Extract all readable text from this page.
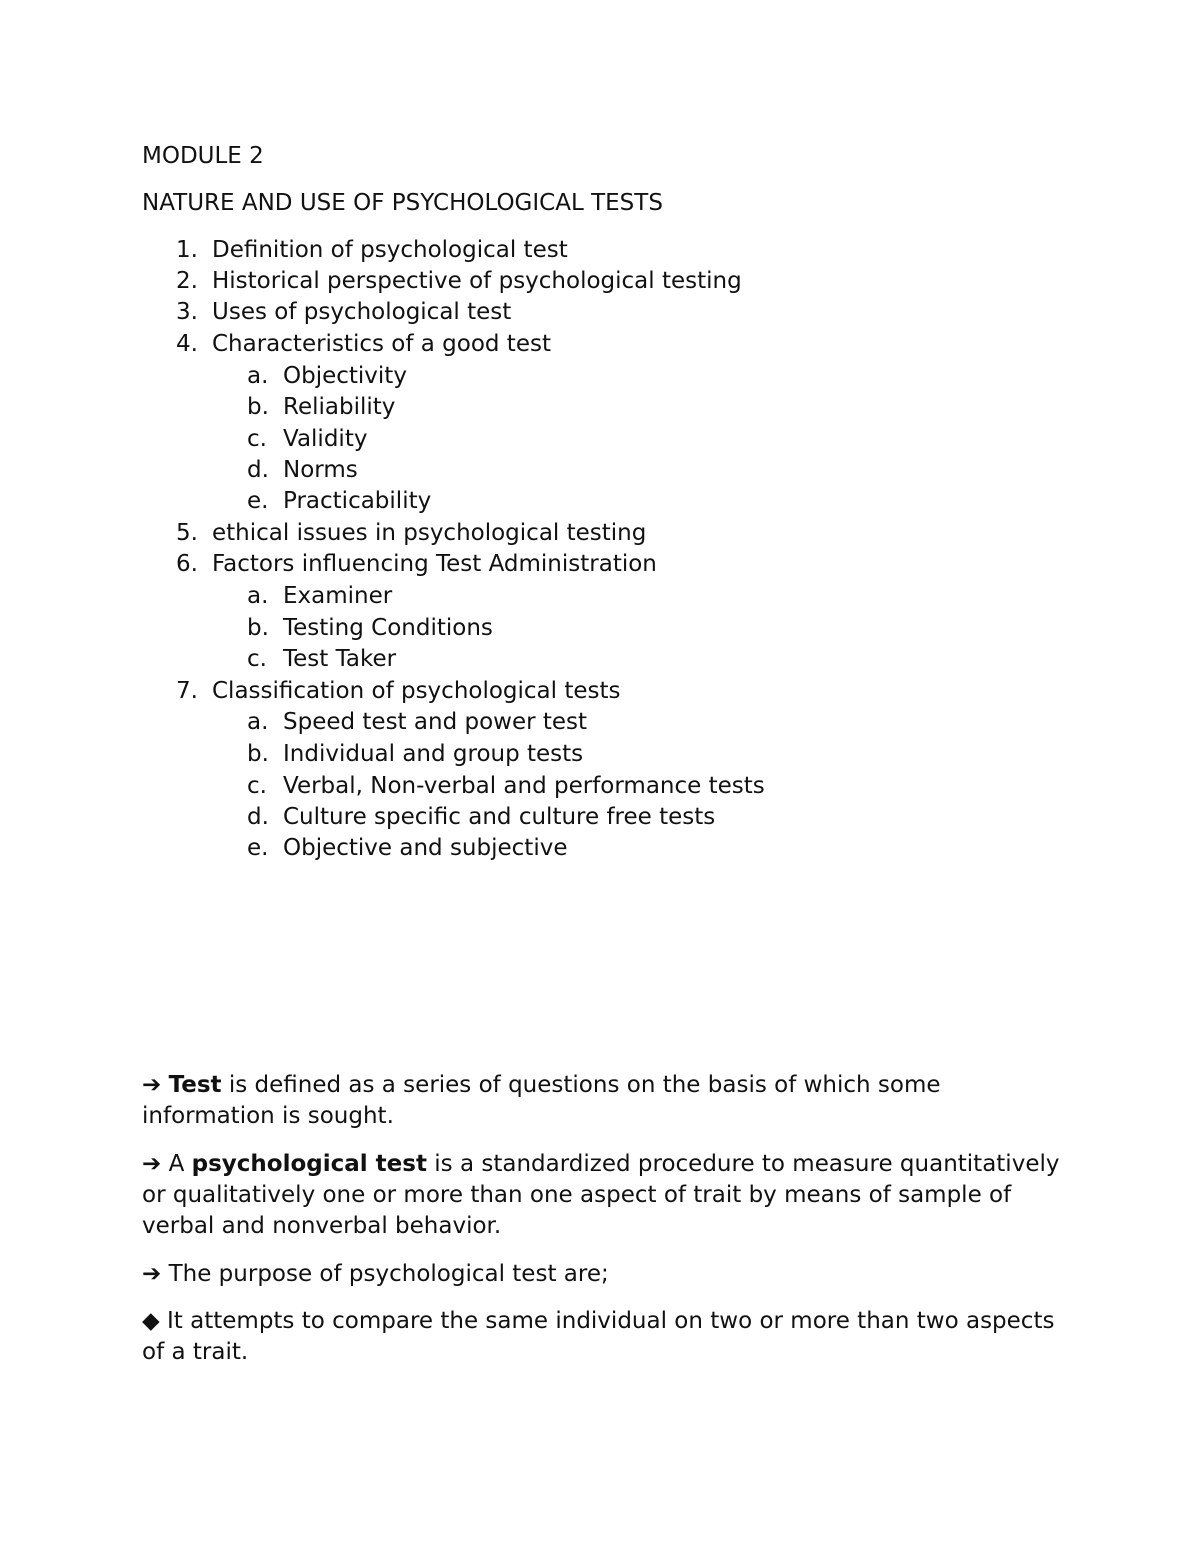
MODULE 2
NATURE AND USE OF PSYCHOLOGICAL TESTS
1. Definition of psychological test
2. Historical perspective of psychological testing
3. Uses of psychological test
4. Characteristics of a good test
a. Objectivity
b. Reliability
c. Validity
d. Norms
e. Practicability
5. ethical issues in psychological testing
6. Factors influencing Test Administration
a. Examiner
b. Testing Conditions
c. Test Taker
7. Classification of psychological tests
a. Speed test and power test
b. Individual and group tests
c. Verbal, Non-verbal and performance tests
d. Culture specific and culture free tests
e. Objective and subjective
➔ Test is defined as a series of questions on the basis of which some information is sought.
➔ A psychological test is a standardized procedure to measure quantitatively or qualitatively one or more than one aspect of trait by means of sample of verbal and nonverbal behavior.
➔ The purpose of psychological test are;
◆ It attempts to compare the same individual on two or more than two aspects of a trait.
